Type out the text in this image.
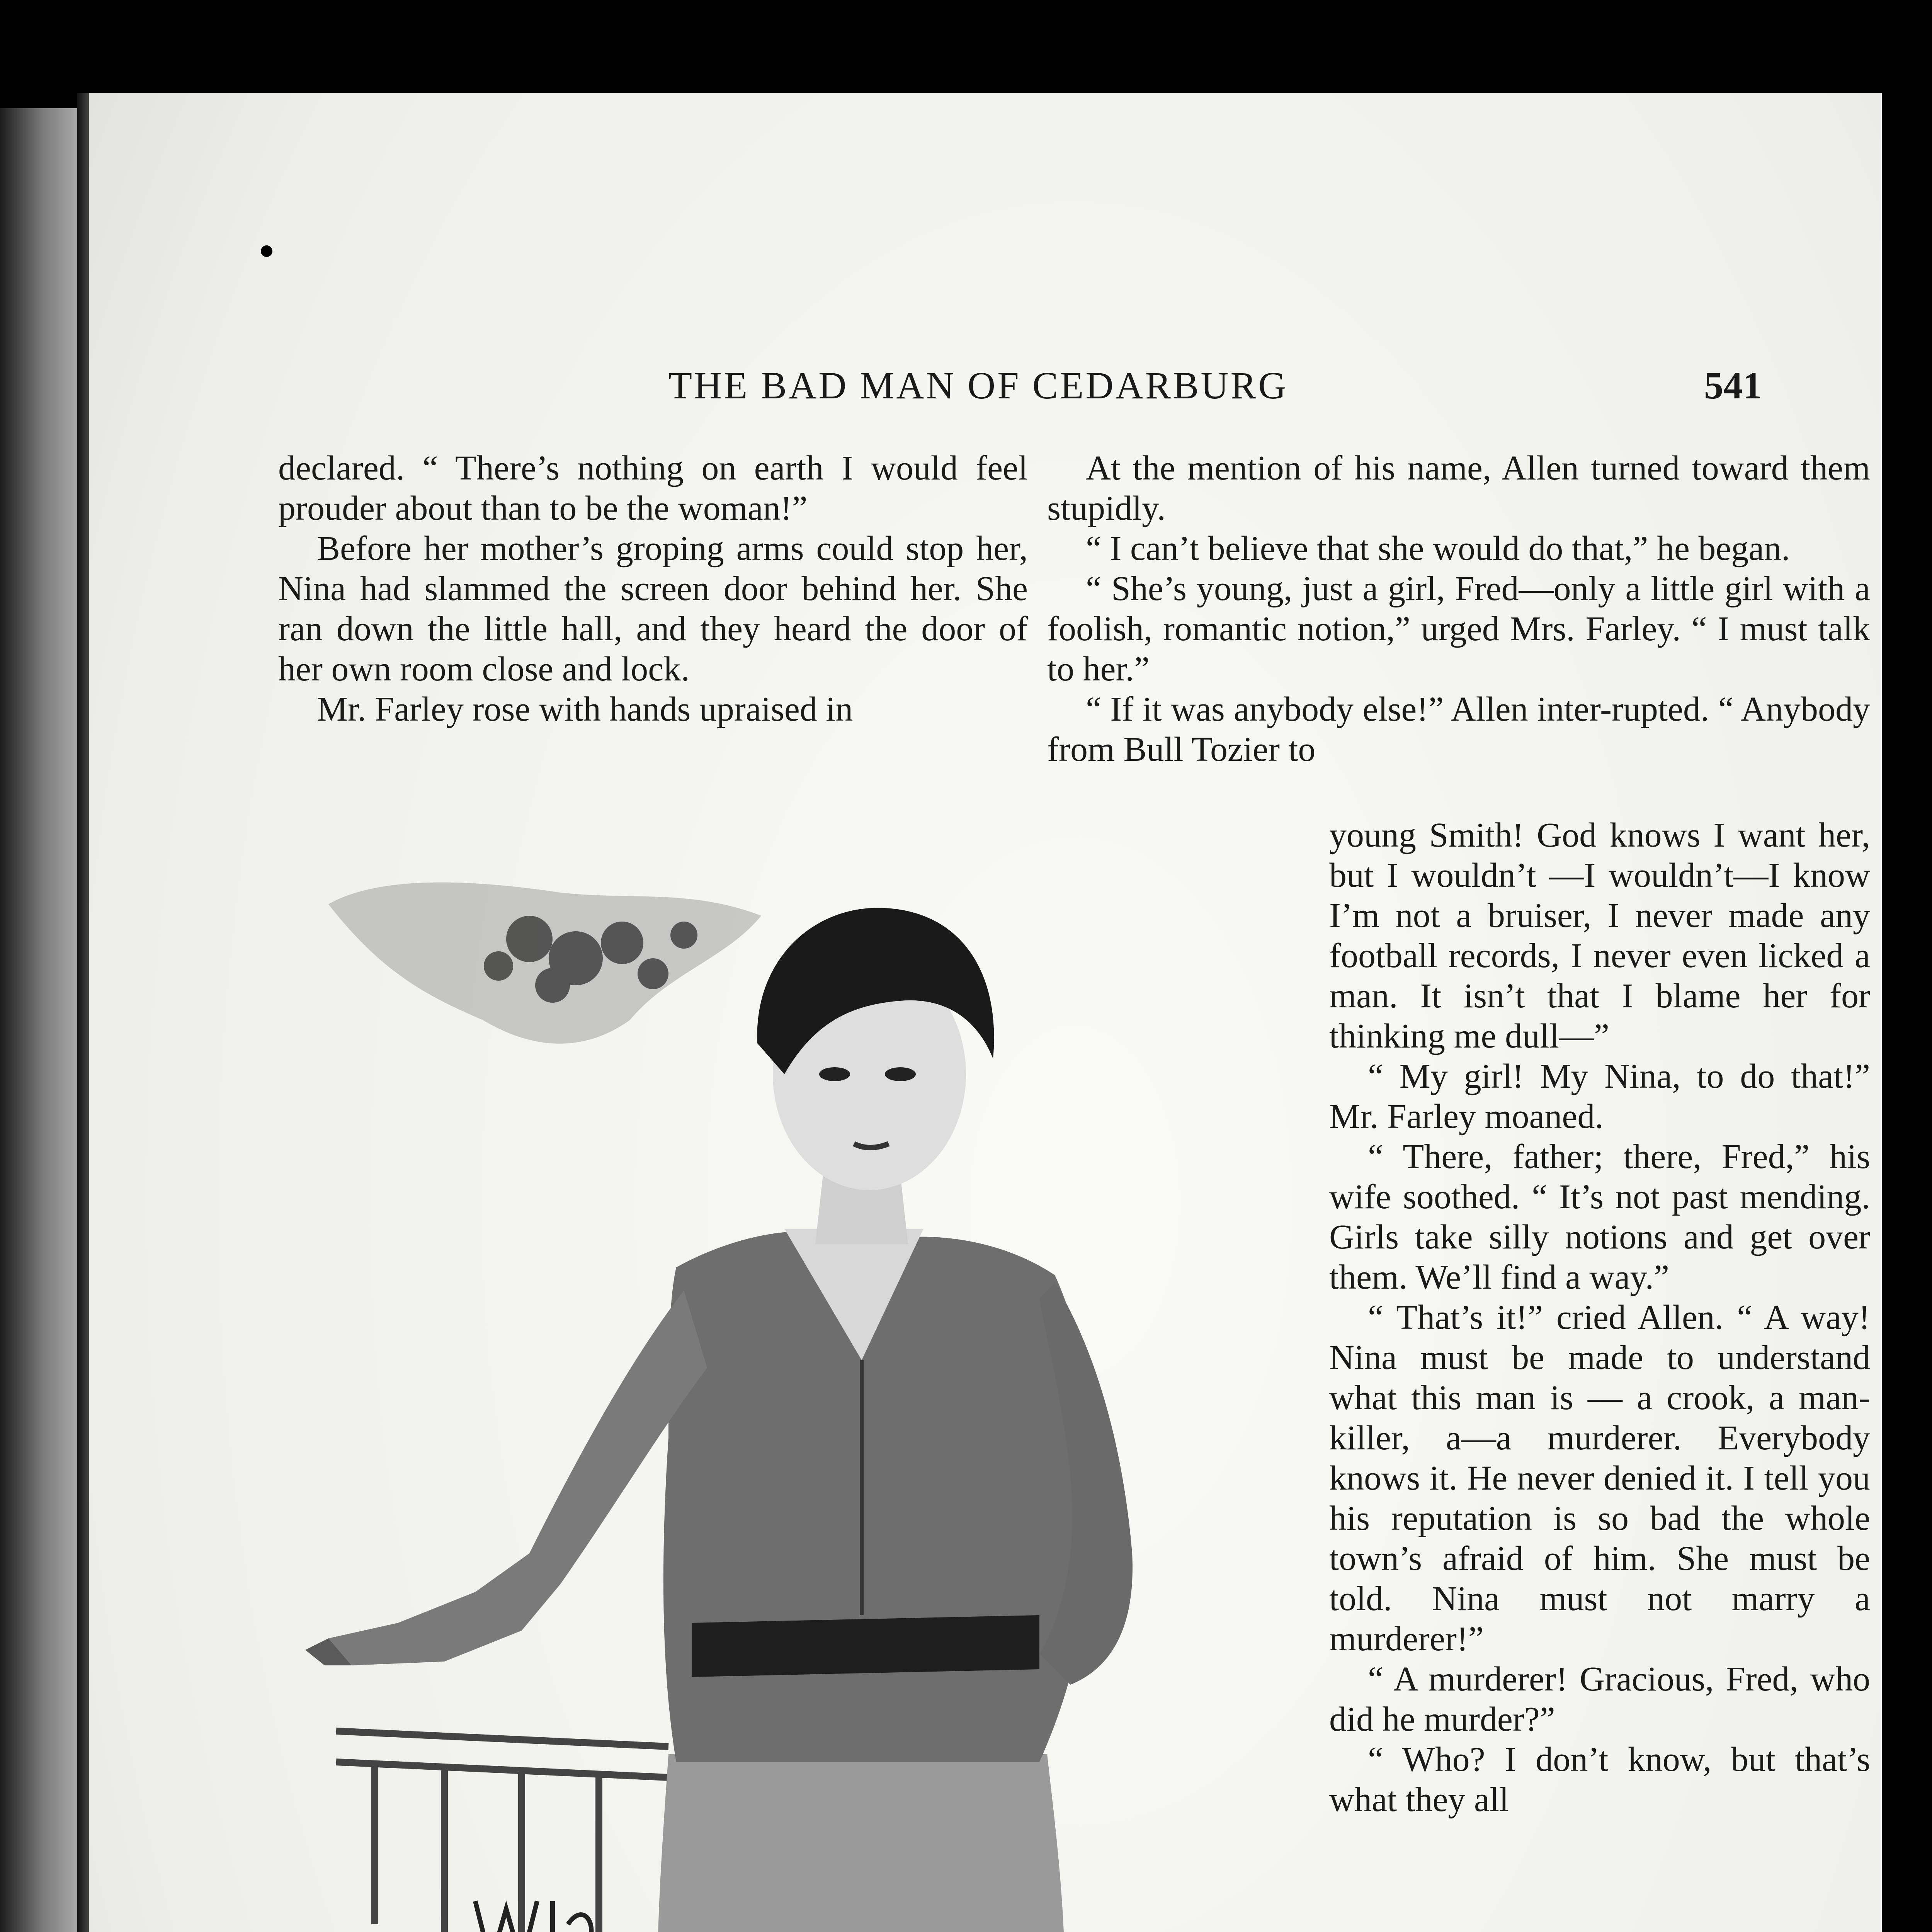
THE BAD MAN OF CEDARBURG	541

declared. “ There’s nothing on earth I would feel prouder about than to be the woman!”

Before her mother’s groping arms could stop her, Nina had slammed the screen door behind her. She ran down the little hall, and they heard the door of her own room close and lock.

Mr. Farley rose with hands upraised in

At the mention of his name, Allen turned toward them stupidly.

“ I can’t believe that she would do that,” he began.

“ She’s young, just a girl, Fred—only a little girl with a foolish, romantic notion,” urged Mrs. Farley. “ I must talk to her.”

“ If it was anybody else!” Allen inter-rupted. “ Anybody from Bull Tozier to

young Smith! God knows I want her, but I wouldn’t —I wouldn’t—I know I’m not a bruiser, I never made any football records, I never even licked a man. It isn’t that I blame her for thinking me dull—”

“ My girl! My Nina, to do that!” Mr. Farley moaned.

“ There, father; there, Fred,” his wife soothed. “ It’s not past mending. Girls take silly notions and get over them. We’ll find a way.”

“ That’s it!” cried Allen. “ A way! Nina must be made to understand what this man is — a crook, a man-killer, a—a murderer. Everybody knows it. He never denied it. I tell you his reputation is so bad the whole town’s afraid of him. She must be told. Nina must not marry a murderer!”

“ A murderer! Gracious, Fred, who did he murder?”

“ Who? I don’t know, but that’s what they all
